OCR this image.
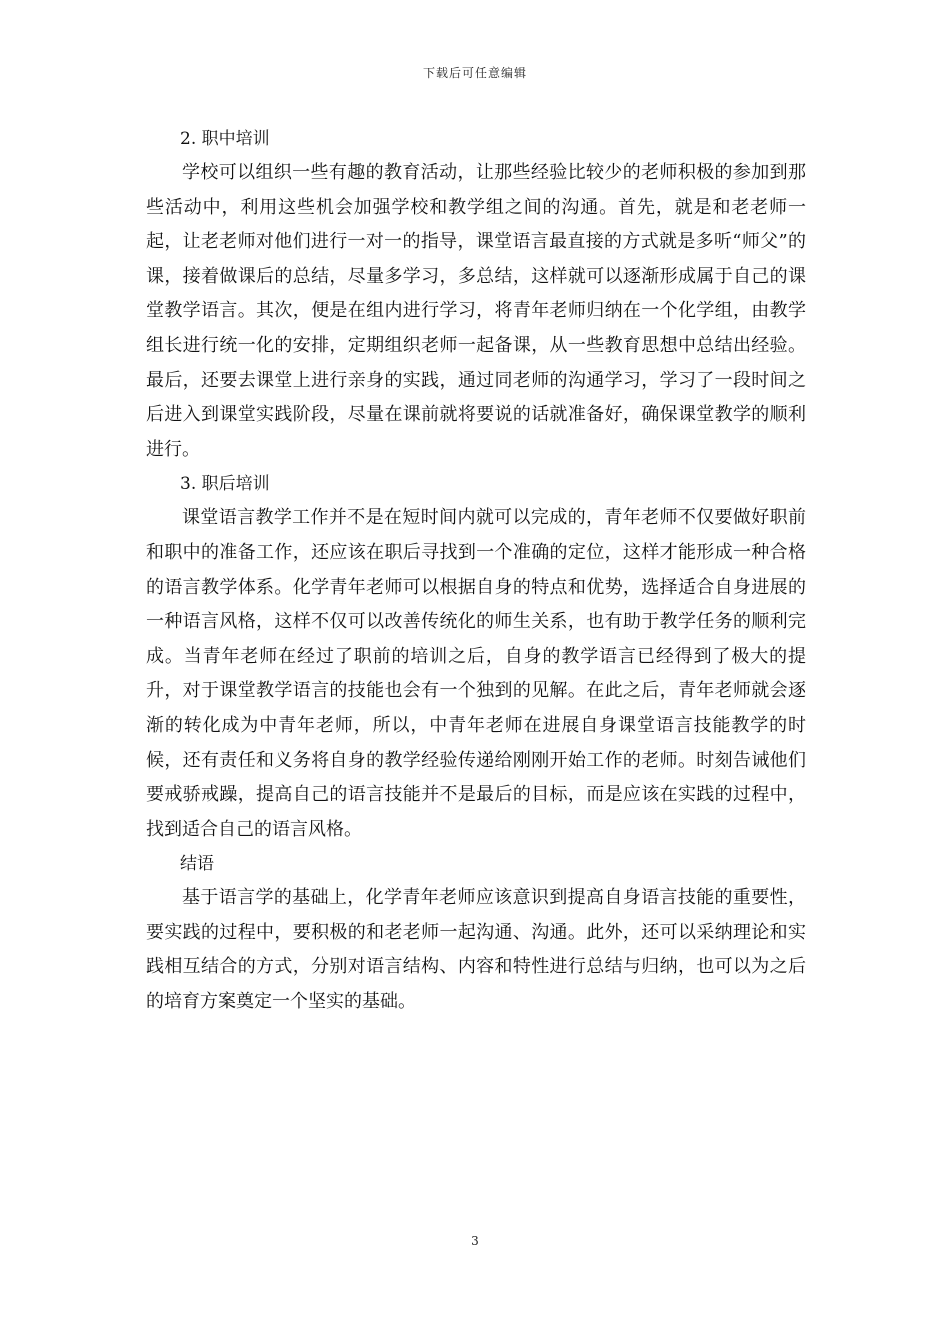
下载后可任意编辑
2. 职中培训

学校可以组织一些有趣的教育活动，让那些经验比较少的老师积极的参加到那些活动中，利用这些机会加强学校和教学组之间的沟通。首先，就是和老老师一起，让老老师对他们进行一对一的指导，课堂语言最直接的方式就是多听“师父”的课，接着做课后的总结，尽量多学习，多总结，这样就可以逐渐形成属于自己的课堂教学语言。其次，便是在组内进行学习，将青年老师归纳在一个化学组，由教学组长进行统一化的安排，定期组织老师一起备课，从一些教育思想中总结出经验。最后，还要去课堂上进行亲身的实践，通过同老师的沟通学习，学习了一段时间之后进入到课堂实践阶段，尽量在课前就将要说的话就准备好，确保课堂教学的顺利进行。

3. 职后培训

课堂语言教学工作并不是在短时间内就可以完成的，青年老师不仅要做好职前和职中的准备工作，还应该在职后寻找到一个准确的定位，这样才能形成一种合格的语言教学体系。化学青年老师可以根据自身的特点和优势，选择适合自身进展的一种语言风格，这样不仅可以改善传统化的师生关系，也有助于教学任务的顺利完成。当青年老师在经过了职前的培训之后，自身的教学语言已经得到了极大的提升，对于课堂教学语言的技能也会有一个独到的见解。在此之后，青年老师就会逐渐的转化成为中青年老师，所以，中青年老师在进展自身课堂语言技能教学的时候，还有责任和义务将自身的教学经验传递给刚刚开始工作的老师。时刻告诫他们要戒骄戒躁，提高自己的语言技能并不是最后的目标，而是应该在实践的过程中，找到适合自己的语言风格。

结语

基于语言学的基础上，化学青年老师应该意识到提高自身语言技能的重要性，要实践的过程中，要积极的和老老师一起沟通、沟通。此外，还可以采纳理论和实践相互结合的方式，分别对语言结构、内容和特性进行总结与归纳，也可以为之后的培育方案奠定一个坚实的基础。

3
